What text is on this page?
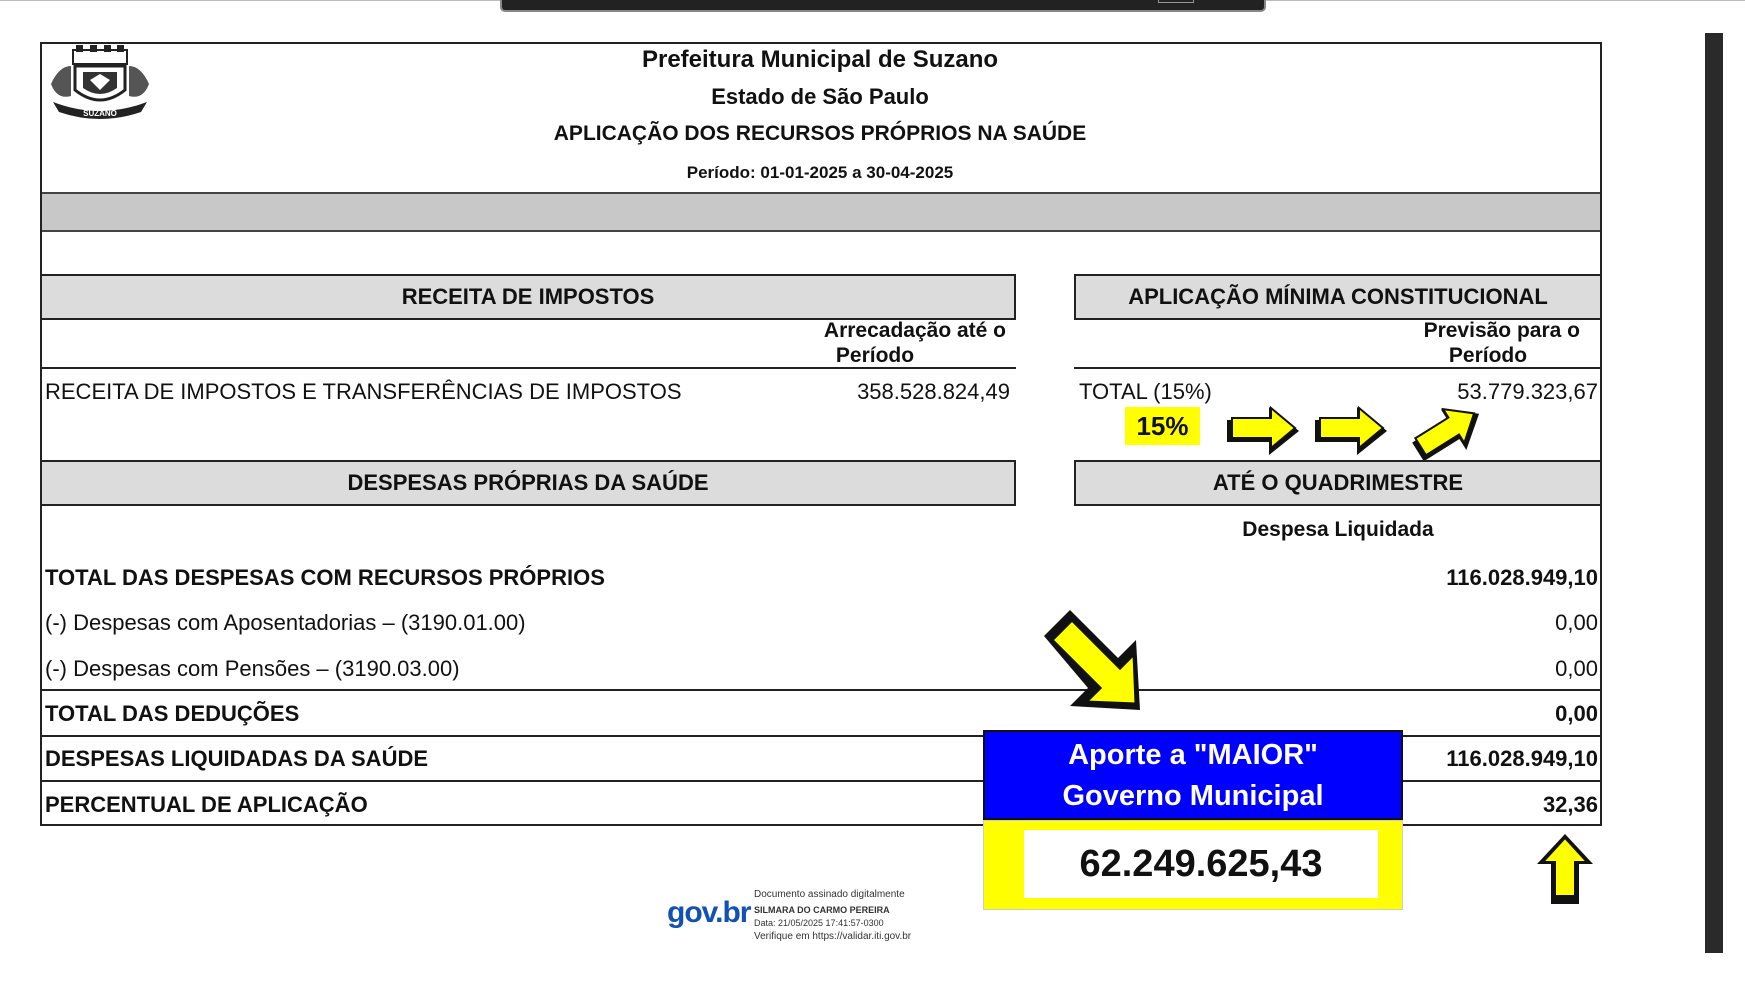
SUZANO
Prefeitura Municipal de Suzano
Estado de São Paulo
APLICAÇÃO DOS RECURSOS PRÓPRIOS NA SAÚDE
Período: 01-01-2025 a 30-04-2025
RECEITA DE IMPOSTOS
Arrecadação até o
Período
RECEITA DE IMPOSTOS E TRANSFERÊNCIAS DE IMPOSTOS	358.528.824,49
APLICAÇÃO MÍNIMA CONSTITUCIONAL
Previsão para o
Período
TOTAL (15%)	53.779.323,67
15%
DESPESAS PRÓPRIAS DA SAÚDE	ATÉ O QUADRIMESTRE
Despesa Liquidada
TOTAL DAS DESPESAS COM RECURSOS PRÓPRIOS	116.028.949,10
(-) Despesas com Aposentadorias – (3190.01.00)	0,00
(-) Despesas com Pensões – (3190.03.00)	0,00
TOTAL DAS DEDUÇÕES	0,00
DESPESAS LIQUIDADAS DA SAÚDE	116.028.949,10
PERCENTUAL DE APLICAÇÃO	32,36
Aporte a "MAIOR"
Governo Municipal
62.249.625,43
gov.br
Documento assinado digitalmente
SILMARA DO CARMO PEREIRA
Data: 21/05/2025 17:41:57-0300
Verifique em https://validar.iti.gov.br
